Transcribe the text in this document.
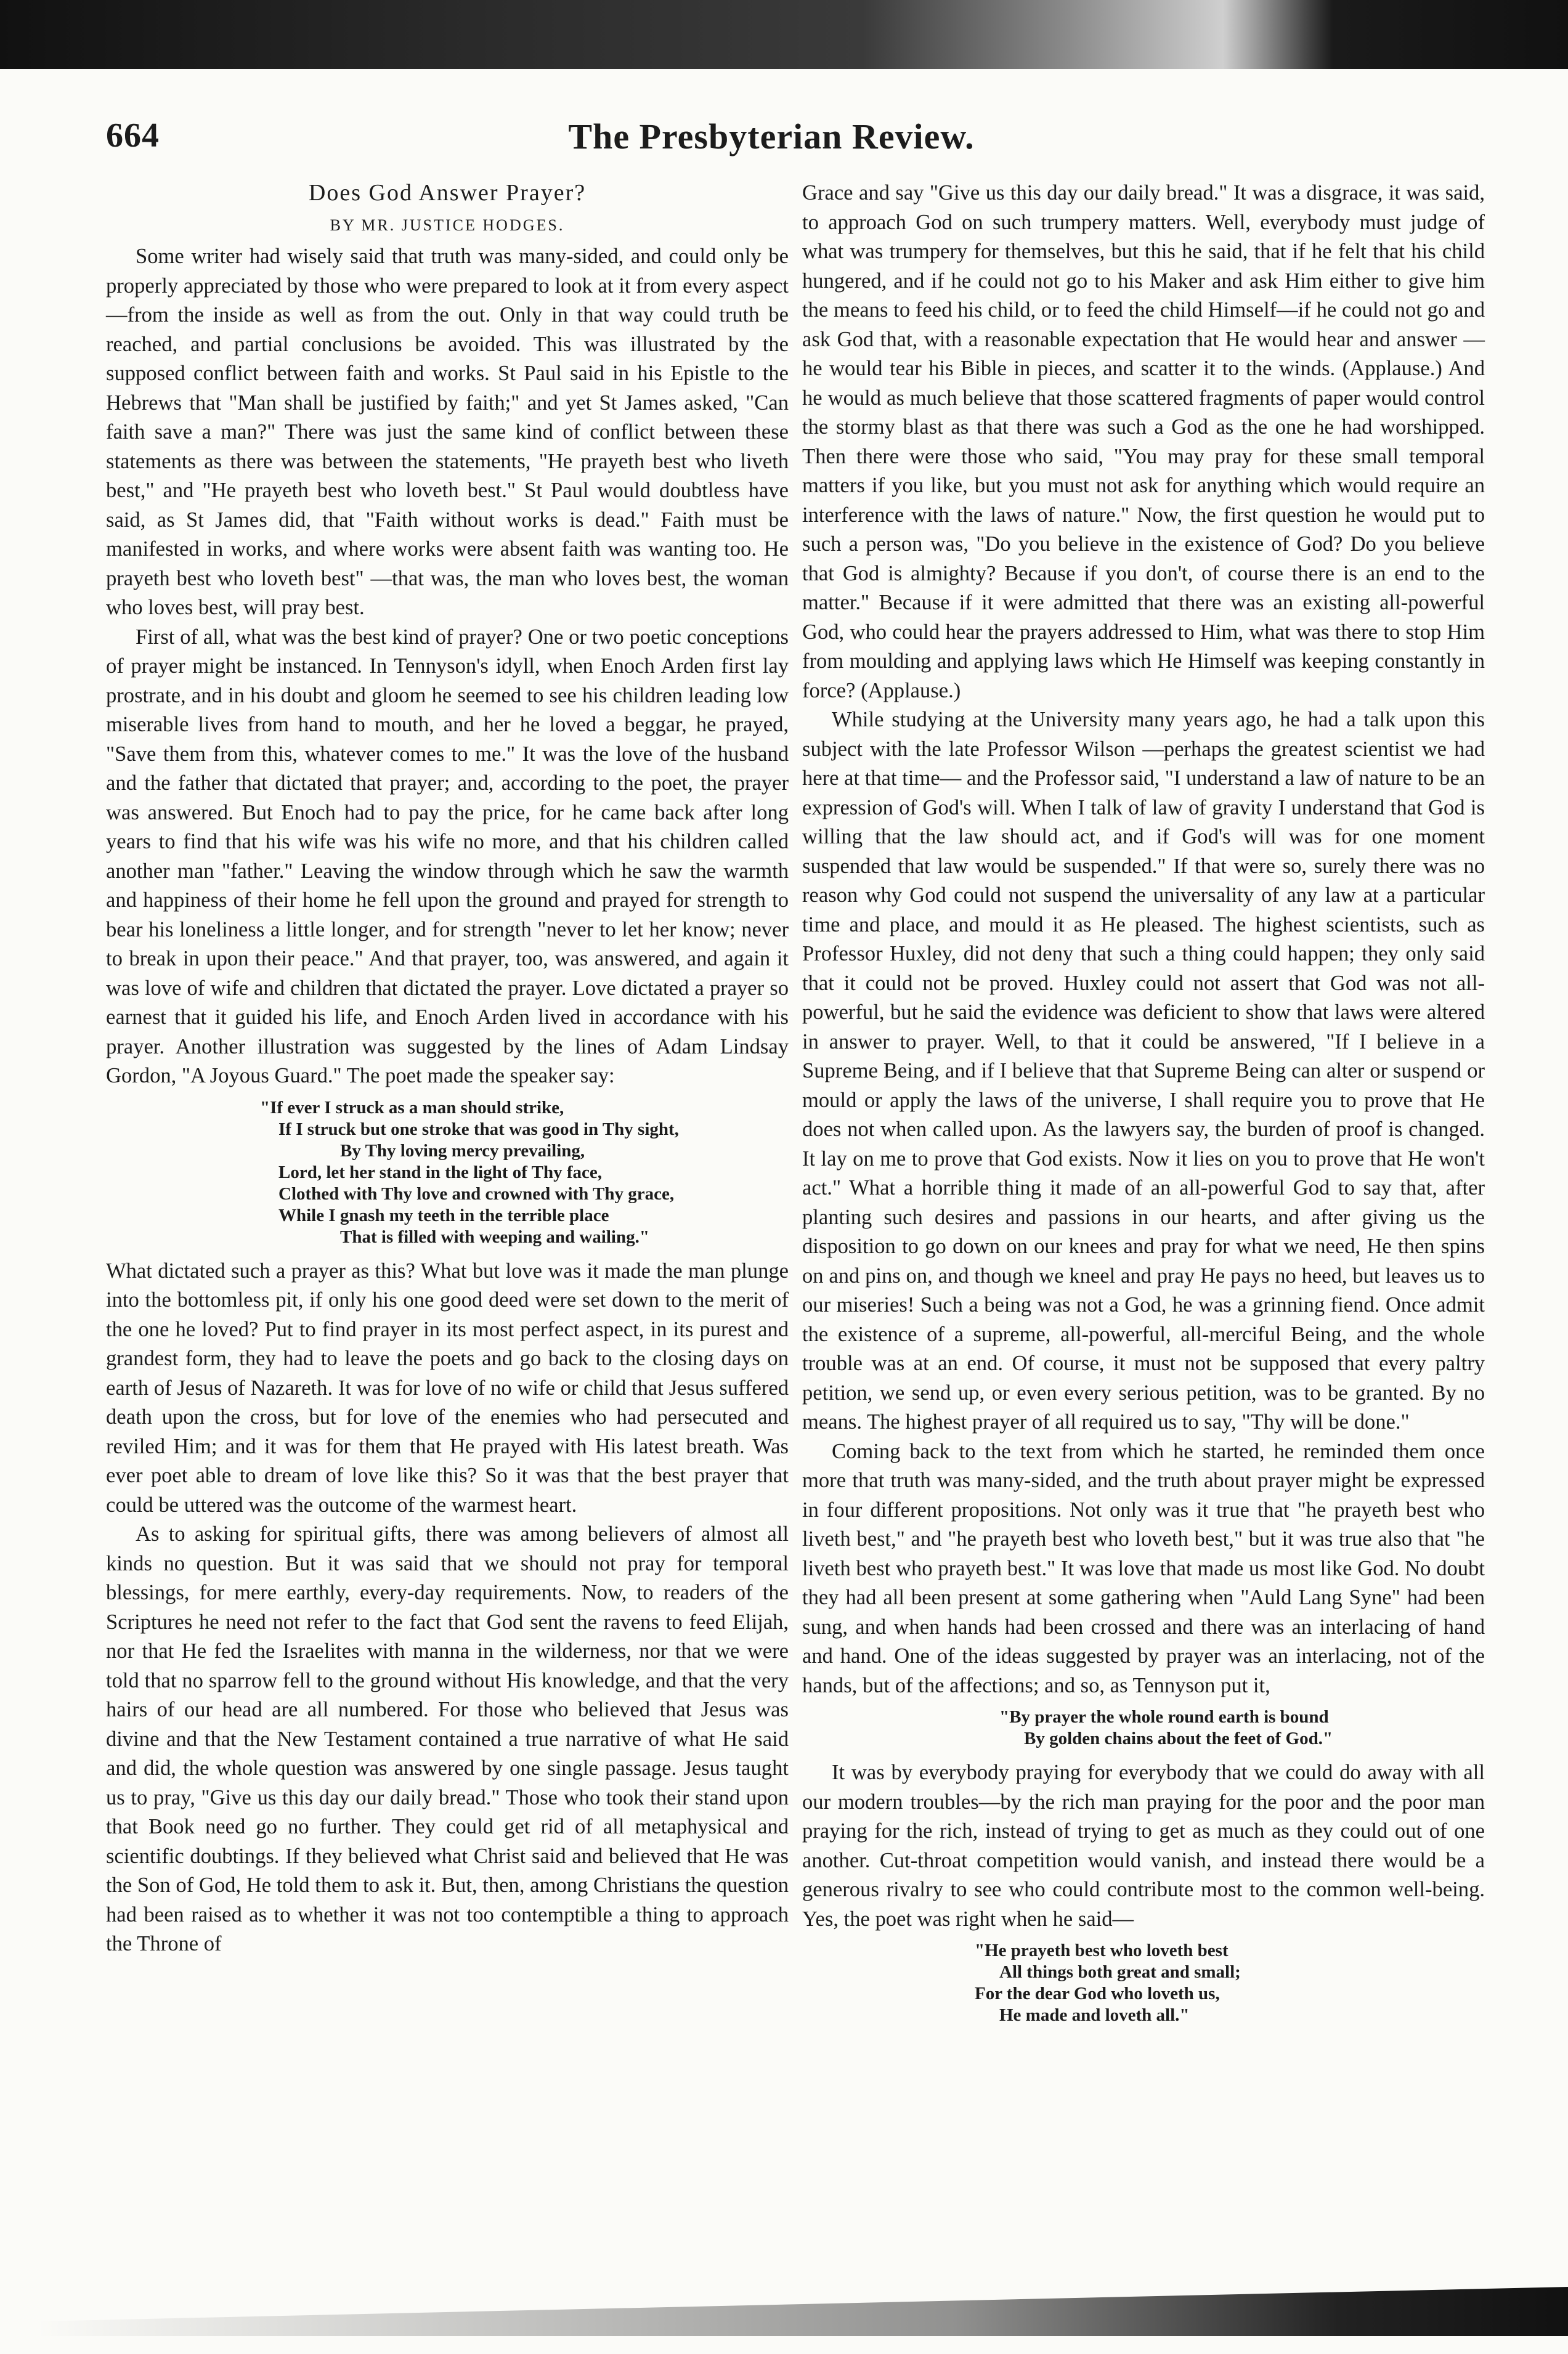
The Presbyterian Review.
664
Does God Answer Prayer?
BY MR. JUSTICE HODGES.

Some writer had wisely said that truth was many-sided, and could only be properly appreciated by those who were prepared to look at it from every aspect—from the inside as well as from the out. Only in that way could truth be reached, and partial conclusions be avoided. This was illustrated by the supposed conflict between faith and works. St Paul said in his Epistle to the Hebrews that "Man shall be justified by faith;" and yet St James asked, "Can faith save a man?" There was just the same kind of conflict between these statements as there was between the statements, "He prayeth best who liveth best," and "He prayeth best who loveth best." St Paul would doubtless have said, as St James did, that "Faith without works is dead." Faith must be manifested in works, and where works were absent faith was wanting too. He prayeth best who loveth best" —that was, the man who loves best, the woman who loves best, will pray best.

First of all, what was the best kind of prayer? One or two poetic conceptions of prayer might be instanced. In Tennyson's idyll, when Enoch Arden first lay prostrate, and in his doubt and gloom he seemed to see his children leading low miserable lives from hand to mouth, and her he loved a beggar, he prayed, "Save them from this, whatever comes to me." It was the love of the husband and the father that dictated that prayer; and, according to the poet, the prayer was answered. But Enoch had to pay the price, for he came back after long years to find that his wife was his wife no more, and that his children called another man "father." Leaving the window through which he saw the warmth and happiness of their home he fell upon the ground and prayed for strength to bear his loneliness a little longer, and for strength "never to let her know; never to break in upon their peace." And that prayer, too, was answered, and again it was love of wife and children that dictated the prayer. Love dictated a prayer so earnest that it guided his life, and Enoch Arden lived in accordance with his prayer. Another illustration was suggested by the lines of Adam Lindsay Gordon, "A Joyous Guard." The poet made the speaker say:

"If ever I struck as a man should strike,
If I struck but one stroke that was good in Thy sight,
By Thy loving mercy prevailing,
Lord, let her stand in the light of Thy face,
Clothed with Thy love and crowned with Thy grace,
While I gnash my teeth in the terrible place
That is filled with weeping and wailing."

What dictated such a prayer as this? What but love was it made the man plunge into the bottomless pit, if only his one good deed were set down to the merit of the one he loved? Put to find prayer in its most perfect aspect, in its purest and grandest form, they had to leave the poets and go back to the closing days on earth of Jesus of Nazareth. It was for love of no wife or child that Jesus suffered death upon the cross, but for love of the enemies who had persecuted and reviled Him; and it was for them that He prayed with His latest breath. Was ever poet able to dream of love like this? So it was that the best prayer that could be uttered was the outcome of the warmest heart.

As to asking for spiritual gifts, there was among believers of almost all kinds no question. But it was said that we should not pray for temporal blessings, for mere earthly, every-day requirements. Now, to readers of the Scriptures he need not refer to the fact that God sent the ravens to feed Elijah, nor that He fed the Israelites with manna in the wilderness, nor that we were told that no sparrow fell to the ground without His knowledge, and that the very hairs of our head are all numbered. For those who believed that Jesus was divine and that the New Testament contained a true narrative of what He said and did, the whole question was answered by one single passage. Jesus taught us to pray, "Give us this day our daily bread." Those who took their stand upon that Book need go no further. They could get rid of all metaphysical and scientific doubtings. If they believed what Christ said and believed that He was the Son of God, He told them to ask it. But, then, among Christians the question had been raised as to whether it was not too contemptible a thing to approach the Throne of

Grace and say "Give us this day our daily bread." It was a disgrace, it was said, to approach God on such trumpery matters. Well, everybody must judge of what was trumpery for themselves, but this he said, that if he felt that his child hungered, and if he could not go to his Maker and ask Him either to give him the means to feed his child, or to feed the child Himself—if he could not go and ask God that, with a reasonable expectation that He would hear and answer —he would tear his Bible in pieces, and scatter it to the winds. (Applause.) And he would as much believe that those scattered fragments of paper would control the stormy blast as that there was such a God as the one he had worshipped. Then there were those who said, "You may pray for these small temporal matters if you like, but you must not ask for anything which would require an interference with the laws of nature." Now, the first question he would put to such a person was, "Do you believe in the existence of God? Do you believe that God is almighty? Because if you don't, of course there is an end to the matter." Because if it were admitted that there was an existing all-powerful God, who could hear the prayers addressed to Him, what was there to stop Him from moulding and applying laws which He Himself was keeping constantly in force? (Applause.)

While studying at the University many years ago, he had a talk upon this subject with the late Professor Wilson —perhaps the greatest scientist we had here at that time— and the Professor said, "I understand a law of nature to be an expression of God's will. When I talk of law of gravity I understand that God is willing that the law should act, and if God's will was for one moment suspended that law would be suspended." If that were so, surely there was no reason why God could not suspend the universality of any law at a particular time and place, and mould it as He pleased. The highest scientists, such as Professor Huxley, did not deny that such a thing could happen; they only said that it could not be proved. Huxley could not assert that God was not all-powerful, but he said the evidence was deficient to show that laws were altered in answer to prayer. Well, to that it could be answered, "If I believe in a Supreme Being, and if I believe that that Supreme Being can alter or suspend or mould or apply the laws of the universe, I shall require you to prove that He does not when called upon. As the lawyers say, the burden of proof is changed. It lay on me to prove that God exists. Now it lies on you to prove that He won't act." What a horrible thing it made of an all-powerful God to say that, after planting such desires and passions in our hearts, and after giving us the disposition to go down on our knees and pray for what we need, He then spins on and pins on, and though we kneel and pray He pays no heed, but leaves us to our miseries! Such a being was not a God, he was a grinning fiend. Once admit the existence of a supreme, all-powerful, all-merciful Being, and the whole trouble was at an end. Of course, it must not be supposed that every paltry petition, we send up, or even every serious petition, was to be granted. By no means. The highest prayer of all required us to say, "Thy will be done."

Coming back to the text from which he started, he reminded them once more that truth was many-sided, and the truth about prayer might be expressed in four different propositions. Not only was it true that "he prayeth best who liveth best," and "he prayeth best who loveth best," but it was true also that "he liveth best who prayeth best." It was love that made us most like God. No doubt they had all been present at some gathering when "Auld Lang Syne" had been sung, and when hands had been crossed and there was an interlacing of hand and hand. One of the ideas suggested by prayer was an interlacing, not of the hands, but of the affections; and so, as Tennyson put it,

"By prayer the whole round earth is bound
By golden chains about the feet of God."

It was by everybody praying for everybody that we could do away with all our modern troubles—by the rich man praying for the poor and the poor man praying for the rich, instead of trying to get as much as they could out of one another. Cut-throat competition would vanish, and instead there would be a generous rivalry to see who could contribute most to the common well-being. Yes, the poet was right when he said—

"He prayeth best who loveth best
All things both great and small;
For the dear God who loveth us,
He made and loveth all."
